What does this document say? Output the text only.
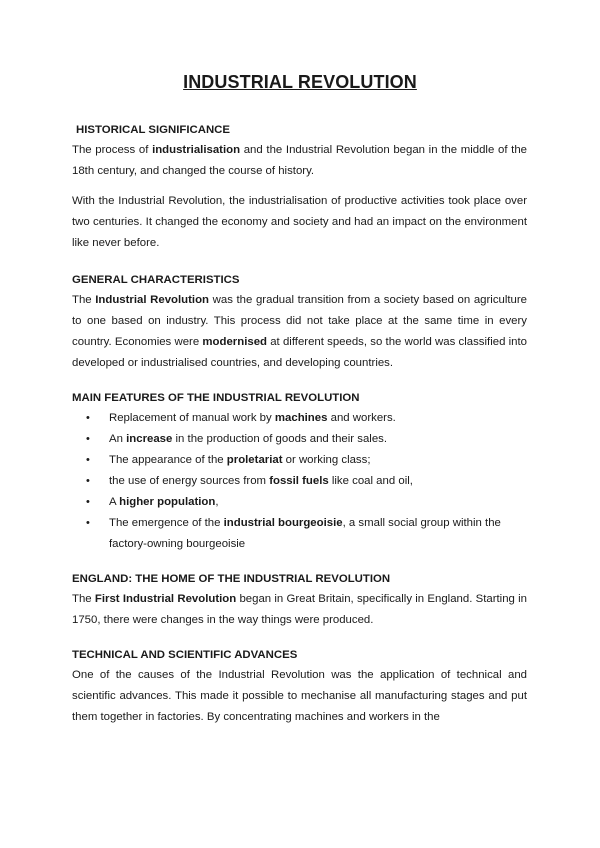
INDUSTRIAL REVOLUTION
HISTORICAL SIGNIFICANCE

The process of industrialisation and the Industrial Revolution began in the middle of the 18th century, and changed the course of history.

With the Industrial Revolution, the industrialisation of productive activities took place over two centuries. It changed the economy and society and had an impact on the environment like never before.

GENERAL CHARACTERISTICS

The Industrial Revolution was the gradual transition from a society based on agriculture to one based on industry. This process did not take place at the same time in every country. Economies were modernised at different speeds, so the world was classified into developed or industrialised countries, and developing countries.

MAIN FEATURES OF THE INDUSTRIAL REVOLUTION
• Replacement of manual work by machines and workers.
• An increase in the production of goods and their sales.
• The appearance of the proletariat or working class;
• the use of energy sources from fossil fuels like coal and oil,
• A higher population,
• The emergence of the industrial bourgeoisie, a small social group within the factory-owning bourgeoisie
ENGLAND: THE HOME OF THE INDUSTRIAL REVOLUTION

The First Industrial Revolution began in Great Britain, specifically in England. Starting in 1750, there were changes in the way things were produced.

TECHNICAL AND SCIENTIFIC ADVANCES

One of the causes of the Industrial Revolution was the application of technical and scientific advances. This made it possible to mechanise all manufacturing stages and put them together in factories. By concentrating machines and workers in the
